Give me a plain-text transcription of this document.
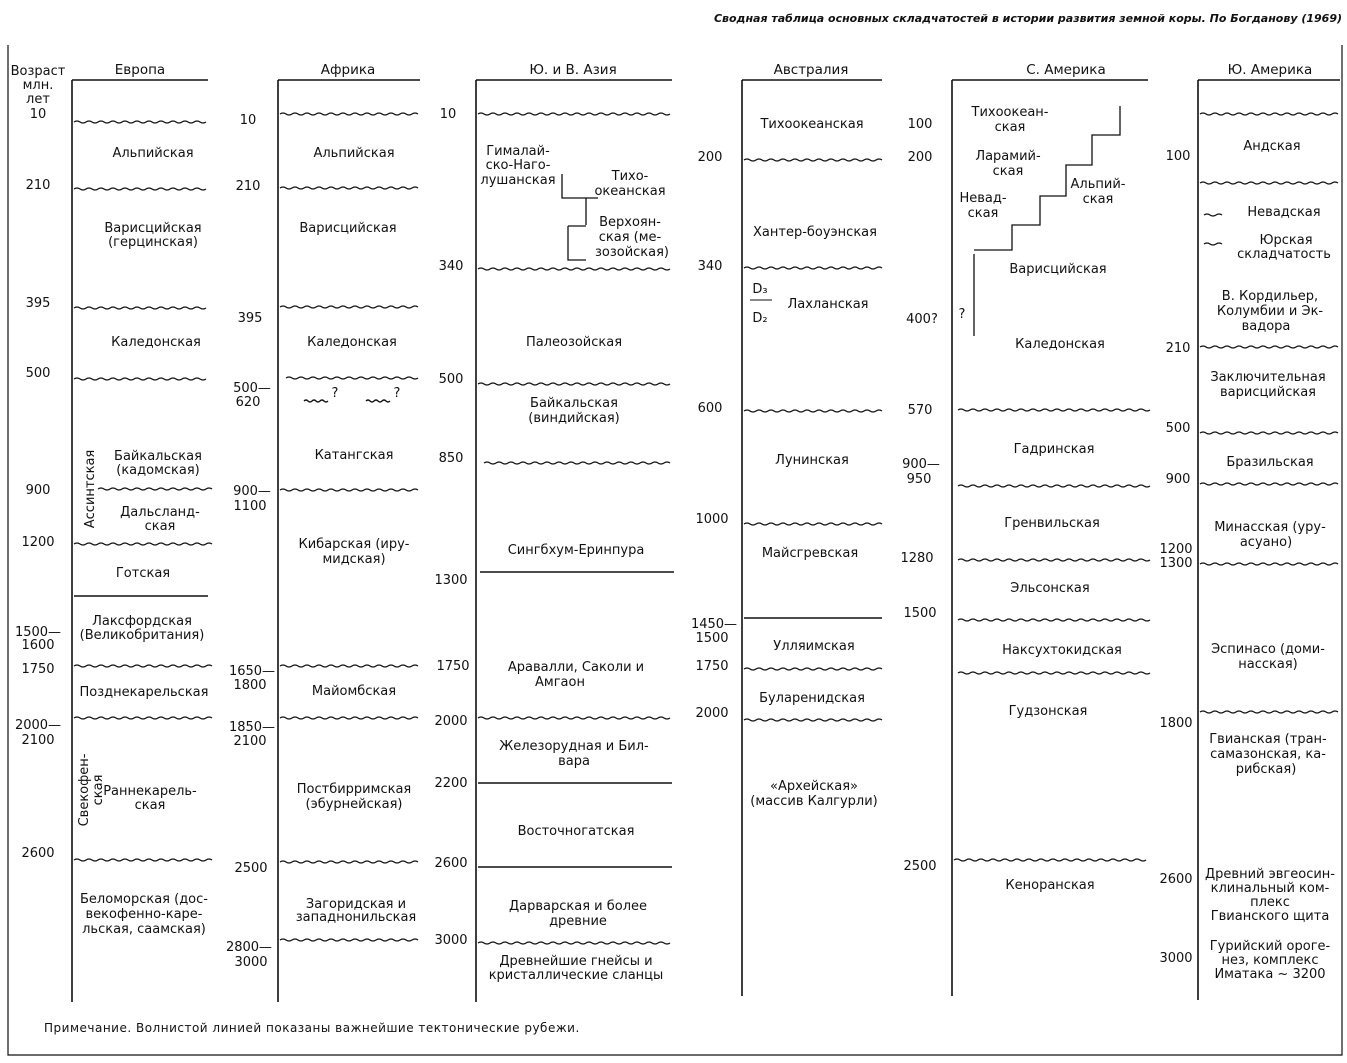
Сводная таблица основных складчатостей в истории развития земной коры. По Богданову (1969)
Возраст
млн.
лет
Европа
10
210
395
500
900
1200
1500—
1600
1750
2000—
2100
2600
Альпийская
Варисцийская
(герцинская)
Каледонская
Байкальская
(кадомская)
Дальсланд-
ская
Готская
Лаксфордская
(Великобритания)
Позднекарельская
Раннекарель-
ская
Беломорская (дос-
векофенно-каре-
льская, саамская)
Ассинтская
Свекофен- ская
Африка
10
210
395
500—
620
900—
1100
1650—
1800
1850—
2100
2500
2800—
3000
?	?
Альпийская
Варисцийская
Каледонская
Катангская
Кибарская (иру-
мидская)
Майомбская
Постбирримская
(эбурнейская)
Загоридская и
западнонильская
Ю. и В. Азия
10
340
500
850
1300
1750
2000
2200
2600
3000
Гималай-
ско-Наго-
лушанская	Тихо-
океанская
Верхоян-
ская (ме-
зозойская)
Палеозойская
Байкальская
(виндийская)
Сингбхум-Еринпура
Аравалли, Саколи и
Амгаон
Железорудная и Бил-
вара
Восточногатская
Дарварская и более
древние
Древнейшие гнейсы и
кристаллические сланцы
Австралия
200
340
600
1000
1450—
1500
1750
2000
Тихоокеанская
Хантер-боуэнская
D₃
D₂
Лахланская
Лунинская
Майсгревская
Улляимская
Буларенидская
«Архейская»
(массив Калгурли)
С. Америка
100
200
400?
570
900—
950
1280
1500
2500
?
Тихоокеан-
ская
Ларамий-
ская
Альпий-
ская
Невад-
ская
Варисцийская
Каледонская
Гадринская
Гренвильская
Эльсонская
Наксухтокидская
Гудзонская
Кеноранская
Ю. Америка
100
210
500
900
1200
1300
1800
2600
3000
Андская
Невадская
Юрская
складчатость
В. Кордильер,
Колумбии и Эк-
вадора
Заключительная
варисцийская
Бразильская
Минасская (уру-
асуано)
Эспинасо (доми-
насская)
Гвианская (тран-
самазонская, ка-
рибская)
Древний эвгеосин-
клинальный ком-
плекс
Гвианского щита
Гурийский ороге-
нез, комплекс
Иматака ~ 3200
Примечание. Волнистой линией показаны важнейшие тектонические рубежи.
